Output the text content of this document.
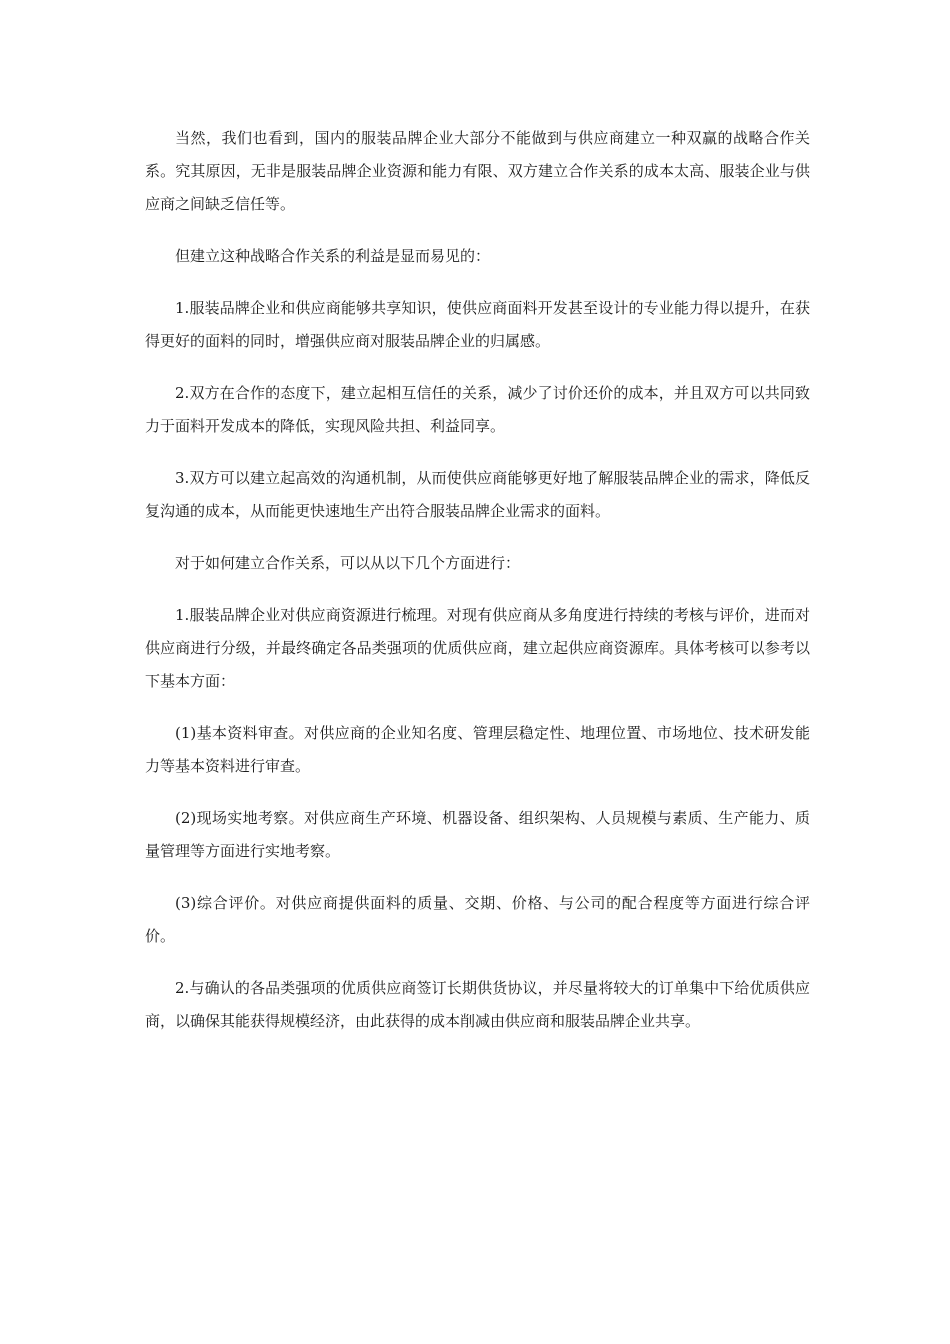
当然，我们也看到，国内的服装品牌企业大部分不能做到与供应商建立一种双赢的战略合作关系。究其原因，无非是服装品牌企业资源和能力有限、双方建立合作关系的成本太高、服装企业与供应商之间缺乏信任等。

但建立这种战略合作关系的利益是显而易见的：

1.服装品牌企业和供应商能够共享知识，使供应商面料开发甚至设计的专业能力得以提升，在获得更好的面料的同时，增强供应商对服装品牌企业的归属感。

2.双方在合作的态度下，建立起相互信任的关系，减少了讨价还价的成本，并且双方可以共同致力于面料开发成本的降低，实现风险共担、利益同享。

3.双方可以建立起高效的沟通机制，从而使供应商能够更好地了解服装品牌企业的需求，降低反复沟通的成本，从而能更快速地生产出符合服装品牌企业需求的面料。

对于如何建立合作关系，可以从以下几个方面进行：

1.服装品牌企业对供应商资源进行梳理。对现有供应商从多角度进行持续的考核与评价，进而对供应商进行分级，并最终确定各品类强项的优质供应商，建立起供应商资源库。具体考核可以参考以下基本方面：

(1)基本资料审查。对供应商的企业知名度、管理层稳定性、地理位置、市场地位、技术研发能力等基本资料进行审查。

(2)现场实地考察。对供应商生产环境、机器设备、组织架构、人员规模与素质、生产能力、质量管理等方面进行实地考察。

(3)综合评价。对供应商提供面料的质量、交期、价格、与公司的配合程度等方面进行综合评价。

2.与确认的各品类强项的优质供应商签订长期供货协议，并尽量将较大的订单集中下给优质供应商，以确保其能获得规模经济，由此获得的成本削减由供应商和服装品牌企业共享。
